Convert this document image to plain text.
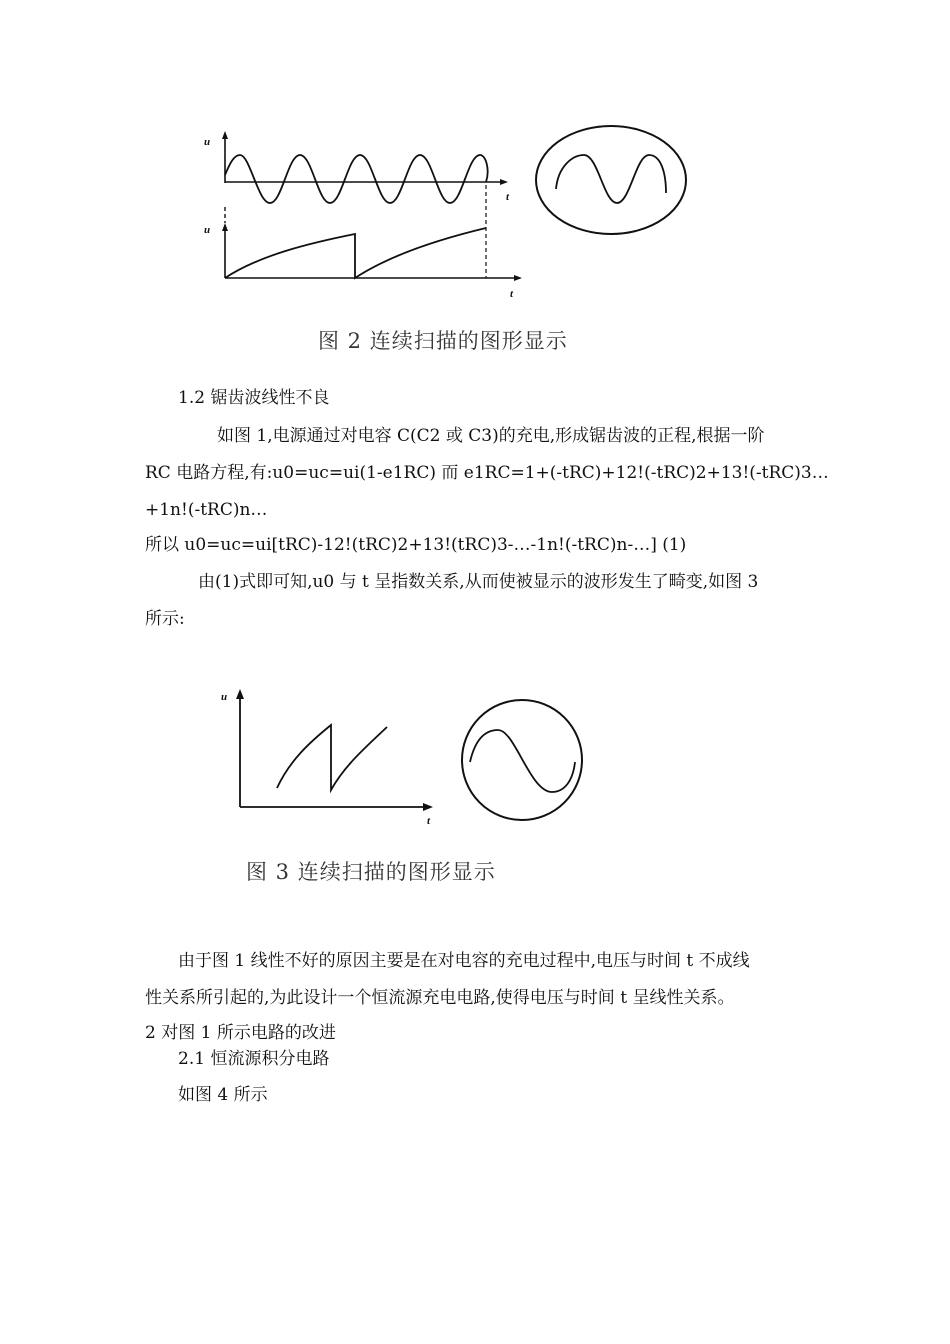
u
t
u
t
图 2 连续扫描的图形显示
1.2 锯齿波线性不良
如图 1,电源通过对电容 C(C2 或 C3)的充电,形成锯齿波的正程,根据一阶
RC 电路方程,有:u0=uc=ui(1-e1RC) 而 e1RC=1+(-tRC)+12!(-tRC)2+13!(-tRC)3…
+1n!(-tRC)n…
所以 u0=uc=ui[tRC)-12!(tRC)2+13!(tRC)3-…-1n!(-tRC)n-…] (1)
由(1)式即可知,u0 与 t 呈指数关系,从而使被显示的波形发生了畸变,如图 3
所示:
u
t
图 3 连续扫描的图形显示
由于图 1 线性不好的原因主要是在对电容的充电过程中,电压与时间 t 不成线
性关系所引起的,为此设计一个恒流源充电电路,使得电压与时间 t 呈线性关系。
2 对图 1 所示电路的改进
2.1 恒流源积分电路
如图 4 所示
